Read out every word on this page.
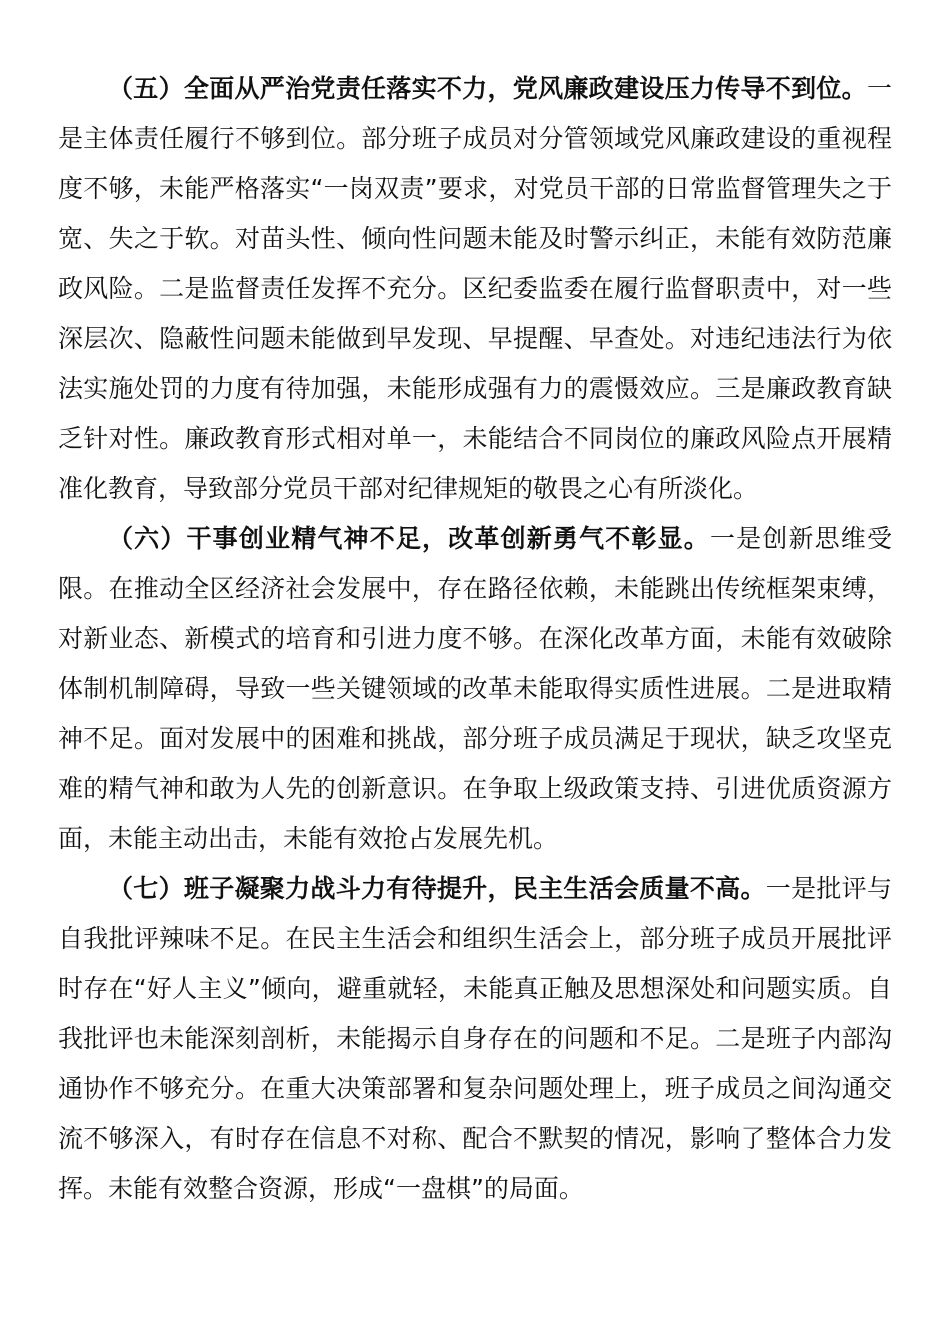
（五）全面从严治党责任落实不力，党风廉政建设压力传导不到位。一是主体责任履行不够到位。部分班子成员对分管领域党风廉政建设的重视程度不够，未能严格落实“一岗双责”要求，对党员干部的日常监督管理失之于宽、失之于软。对苗头性、倾向性问题未能及时警示纠正，未能有效防范廉政风险。二是监督责任发挥不充分。区纪委监委在履行监督职责中，对一些深层次、隐蔽性问题未能做到早发现、早提醒、早查处。对违纪违法行为依法实施处罚的力度有待加强，未能形成强有力的震慑效应。三是廉政教育缺乏针对性。廉政教育形式相对单一，未能结合不同岗位的廉政风险点开展精准化教育，导致部分党员干部对纪律规矩的敬畏之心有所淡化。

（六）干事创业精气神不足，改革创新勇气不彰显。一是创新思维受限。在推动全区经济社会发展中，存在路径依赖，未能跳出传统框架束缚，对新业态、新模式的培育和引进力度不够。在深化改革方面，未能有效破除体制机制障碍，导致一些关键领域的改革未能取得实质性进展。二是进取精神不足。面对发展中的困难和挑战，部分班子成员满足于现状，缺乏攻坚克难的精气神和敢为人先的创新意识。在争取上级政策支持、引进优质资源方面，未能主动出击，未能有效抢占发展先机。

（七）班子凝聚力战斗力有待提升，民主生活会质量不高。一是批评与自我批评辣味不足。在民主生活会和组织生活会上，部分班子成员开展批评时存在“好人主义”倾向，避重就轻，未能真正触及思想深处和问题实质。自我批评也未能深刻剖析，未能揭示自身存在的问题和不足。二是班子内部沟通协作不够充分。在重大决策部署和复杂问题处理上，班子成员之间沟通交流不够深入，有时存在信息不对称、配合不默契的情况，影响了整体合力发挥。未能有效整合资源，形成“一盘棋”的局面。
